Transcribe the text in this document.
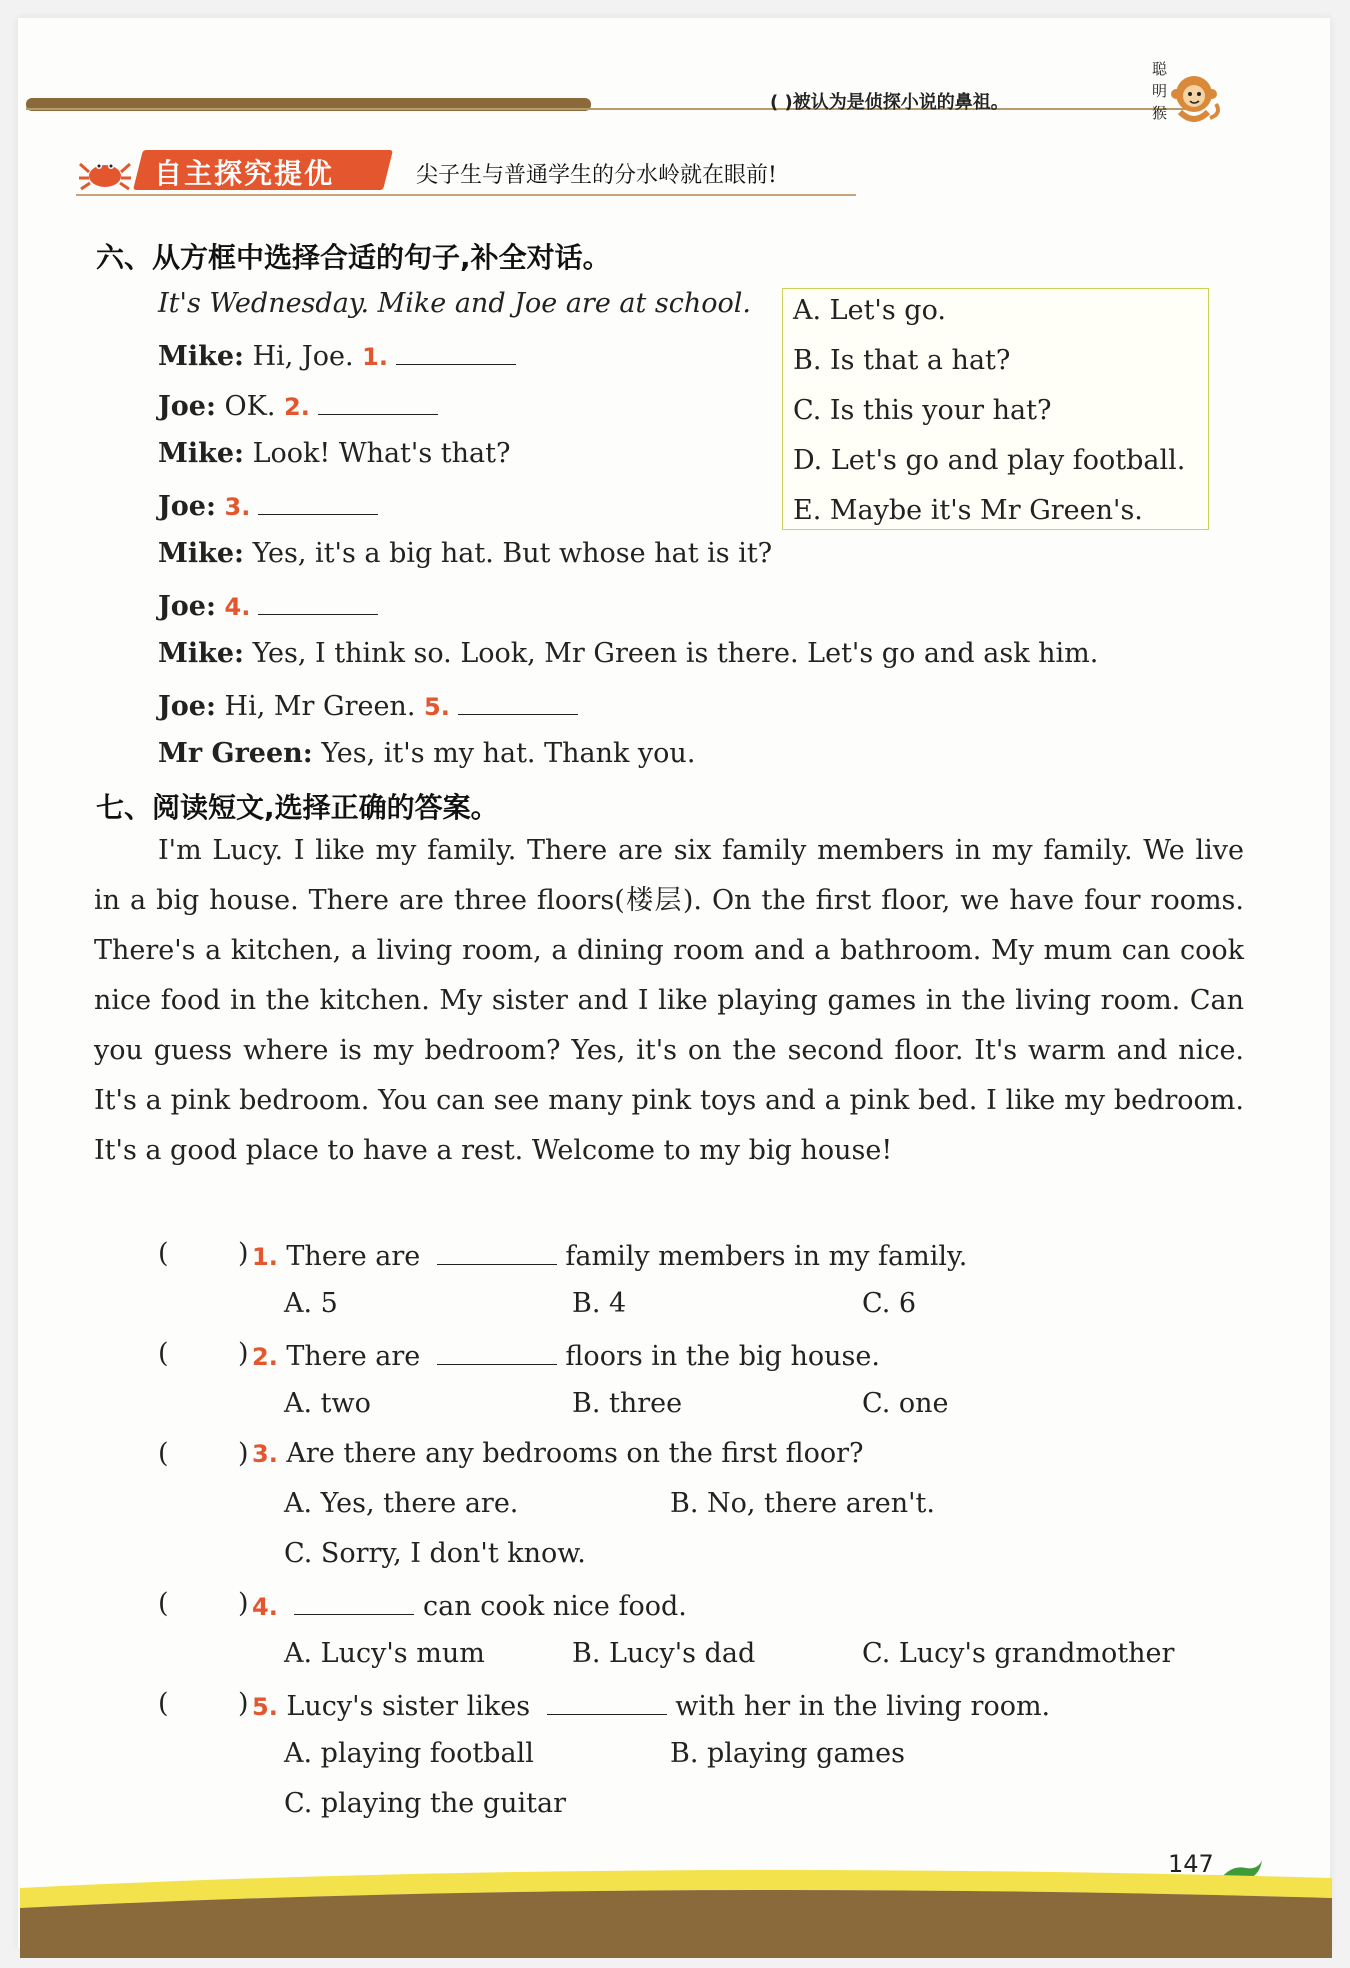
( )被认为是侦探小说的鼻祖。
聪
明
猴
自主探究提优	尖子生与普通学生的分水岭就在眼前!
六、从方框中选择合适的句子,补全对话。
It's Wednesday. Mike and Joe are at school.
Mike: Hi, Joe. 1.
Joe: OK. 2.
Mike: Look! What's that?
Joe: 3.
Mike: Yes, it's a big hat. But whose hat is it?
Joe: 4.
Mike: Yes, I think so. Look, Mr Green is there. Let's go and ask him.
Joe: Hi, Mr Green. 5.
Mr Green: Yes, it's my hat. Thank you.
A. Let's go.
B. Is that a hat?
C. Is this your hat?
D. Let's go and play football.
E. Maybe it's Mr Green's.
七、阅读短文,选择正确的答案。
I'm Lucy. I like my family. There are six family members in my family. We live in a big house. There are three floors(楼层). On the first floor, we have four rooms. There's a kitchen, a living room, a dining room and a bathroom. My mum can cook nice food in the kitchen. My sister and I like playing games in the living room. Can you guess where is my bedroom? Yes, it's on the second floor. It's warm and nice. It's a pink bedroom. You can see many pink toys and a pink bed. I like my bedroom. It's a good place to have a rest. Welcome to my big house!
(	) 1. There are	family members in my family.
A. 5	B. 4	C. 6
(	) 2. There are	floors in the big house.
A. two	B. three	C. one
(	) 3. Are there any bedrooms on the first floor?
A. Yes, there are.	B. No, there aren't.
C. Sorry, I don't know.
(	) 4.	can cook nice food.
A. Lucy's mum	B. Lucy's dad	C. Lucy's grandmother
(	) 5. Lucy's sister likes	with her in the living room.
A. playing football	B. playing games
C. playing the guitar
147
